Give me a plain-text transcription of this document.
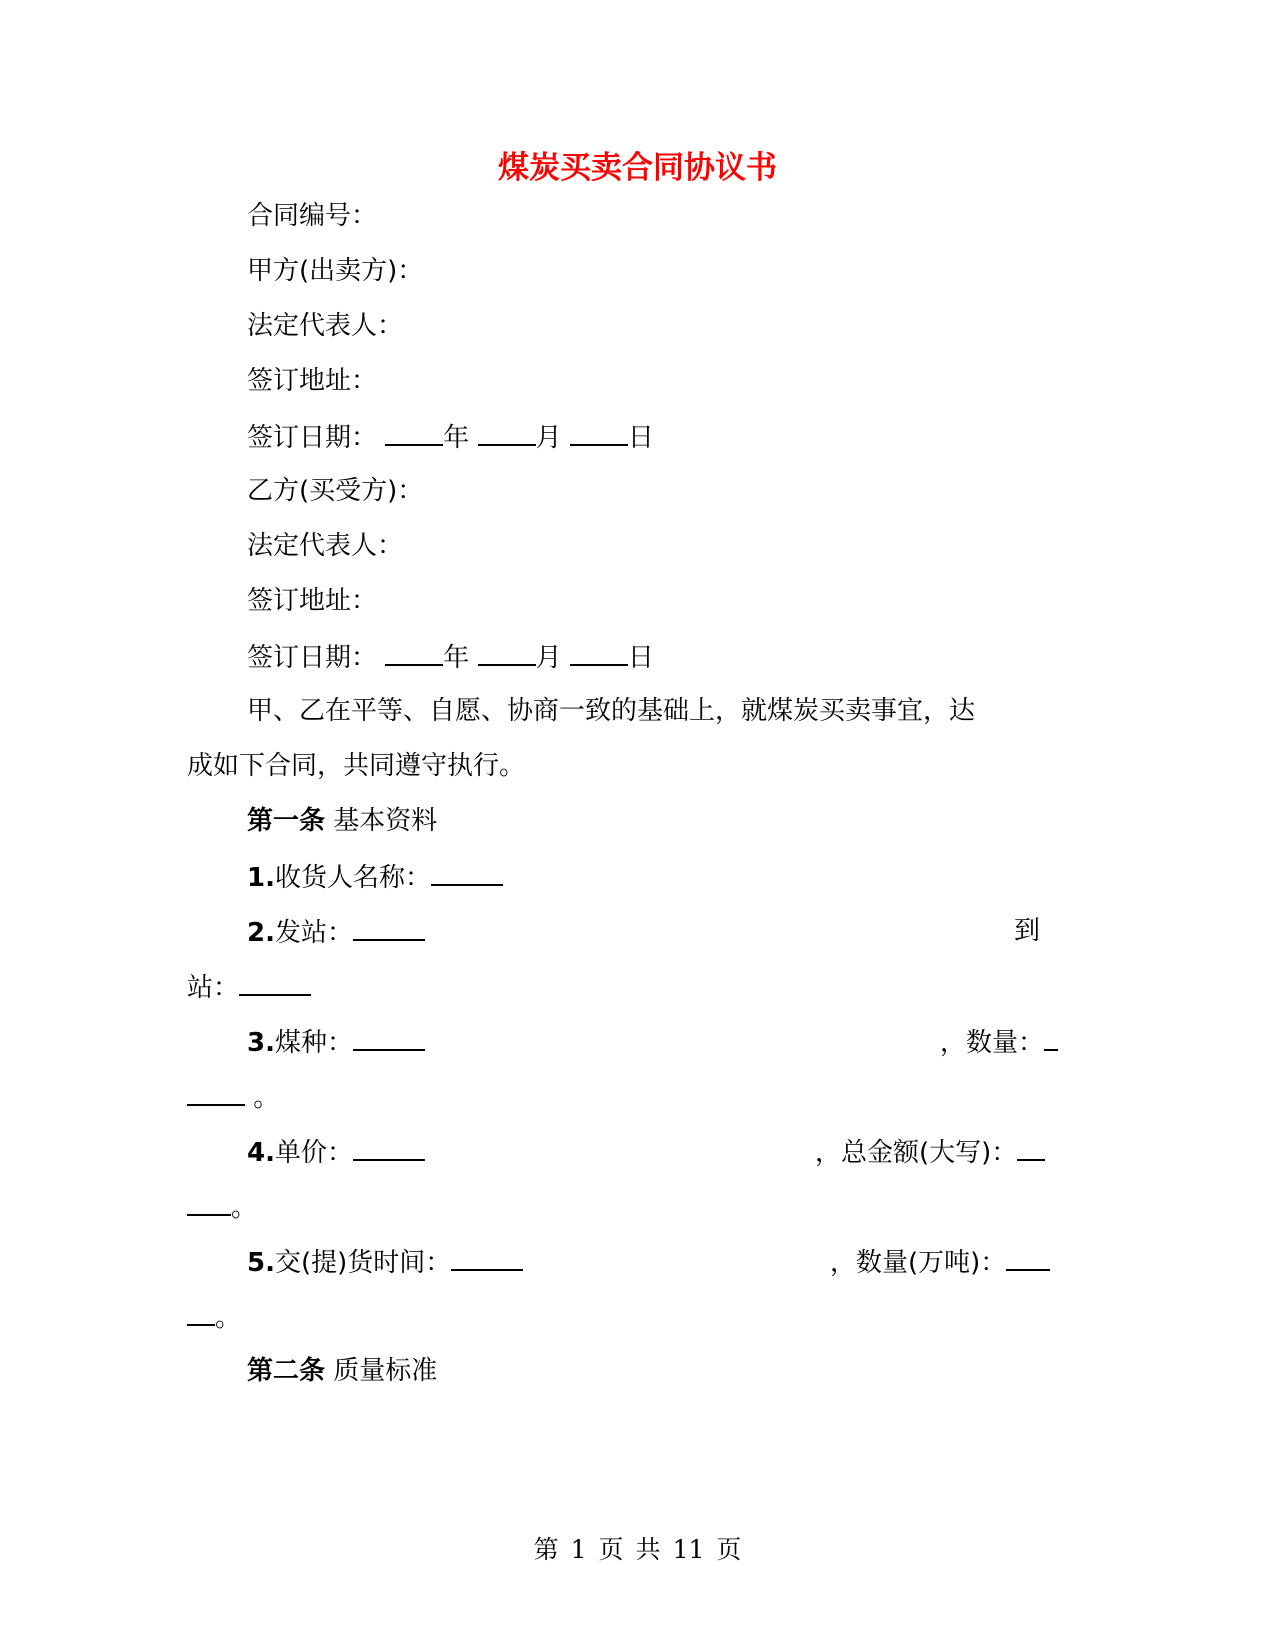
煤炭买卖合同协议书
合同编号：
甲方(出卖方)：
法定代表人：
签订地址：
签订日期：	年	月	日
乙方(买受方)：
法定代表人：
签订地址：
签订日期：	年	月	日
甲、乙在平等、自愿、协商一致的基础上，就煤炭买卖事宜，达
成如下合同，共同遵守执行。
第一条 基本资料
1.收货人名称：
2.发站：	到
站：
3.煤种：	，数量：
。
4.单价：	，总金额(大写)：
。
5.交(提)货时间：	，数量(万吨)：
。
第二条 质量标准
第 1 页 共 11 页
